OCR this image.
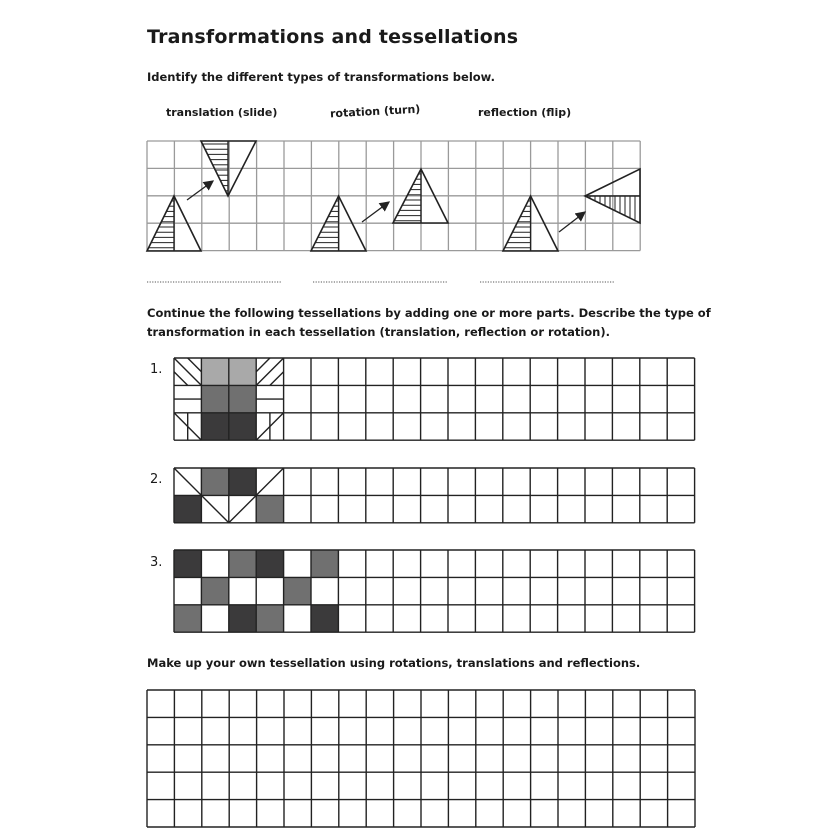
Transformations and tessellations
Identify the different types of transformations below.
translation (slide)	rotation (turn)	reflection (flip)
Continue the following tessellations by adding one or more parts. Describe the type of
transformation in each tessellation (translation, reflection or rotation).
1.
2.
3.
Make up your own tessellation using rotations, translations and reflections.
